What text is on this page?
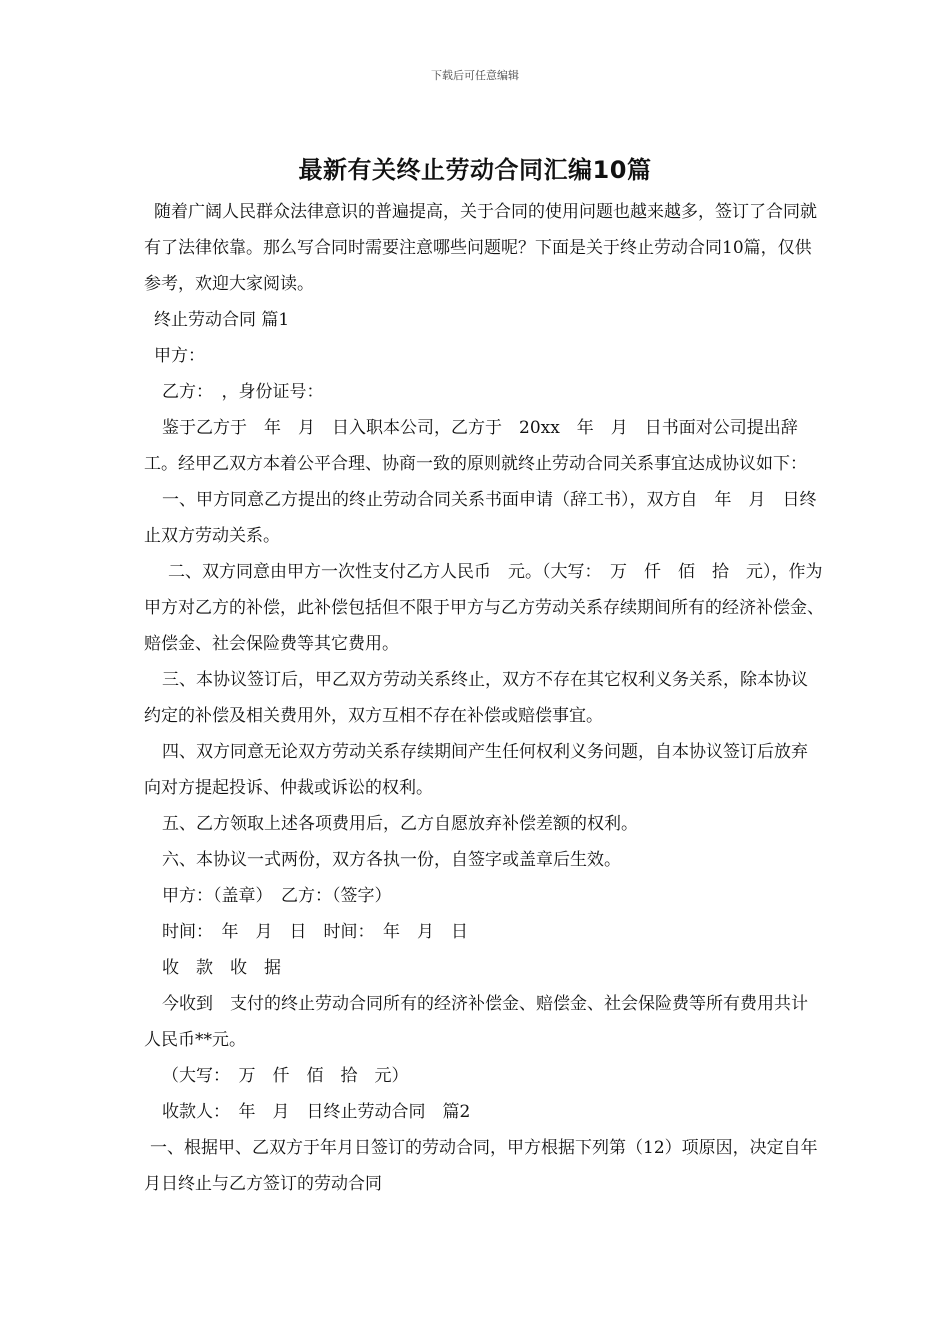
下载后可任意编辑
最新有关终止劳动合同汇编10篇

随着广阔人民群众法律意识的普遍提高，关于合同的使用问题也越来越多，签订了合同就有了法律依靠。那么写合同时需要注意哪些问题呢？下面是关于终止劳动合同10篇，仅供参考，欢迎大家阅读。

终止劳动合同 篇1

甲方：

乙方：　，身份证号：

鉴于乙方于　年　月　日入职本公司，乙方于　20xx　年　月　日书面对公司提出辞工。经甲乙双方本着公平合理、协商一致的原则就终止劳动合同关系事宜达成协议如下：

一、甲方同意乙方提出的终止劳动合同关系书面申请（辞工书），双方自　年　月　日终止双方劳动关系。

二、双方同意由甲方一次性支付乙方人民币　元。（大写：　万　仟　佰　拾　元），作为甲方对乙方的补偿，此补偿包括但不限于甲方与乙方劳动关系存续期间所有的经济补偿金、赔偿金、社会保险费等其它费用。

三、本协议签订后，甲乙双方劳动关系终止，双方不存在其它权利义务关系，除本协议约定的补偿及相关费用外，双方互相不存在补偿或赔偿事宜。

四、双方同意无论双方劳动关系存续期间产生任何权利义务问题，自本协议签订后放弃向对方提起投诉、仲裁或诉讼的权利。

五、乙方领取上述各项费用后，乙方自愿放弃补偿差额的权利。

六、本协议一式两份，双方各执一份，自签字或盖章后生效。

甲方：（盖章）　乙方：（签字）

时间：　年　月　日　时间：　年　月　日

收　款　收　据

今收到　支付的终止劳动合同所有的经济补偿金、赔偿金、社会保险费等所有费用共计人民币**元。

（大写：　万　仟　佰　拾　元）

收款人：　年　月　日终止劳动合同　篇2

一、根据甲、乙双方于年月日签订的劳动合同，甲方根据下列第（12）项原因，决定自年月日终止与乙方签订的劳动合同
